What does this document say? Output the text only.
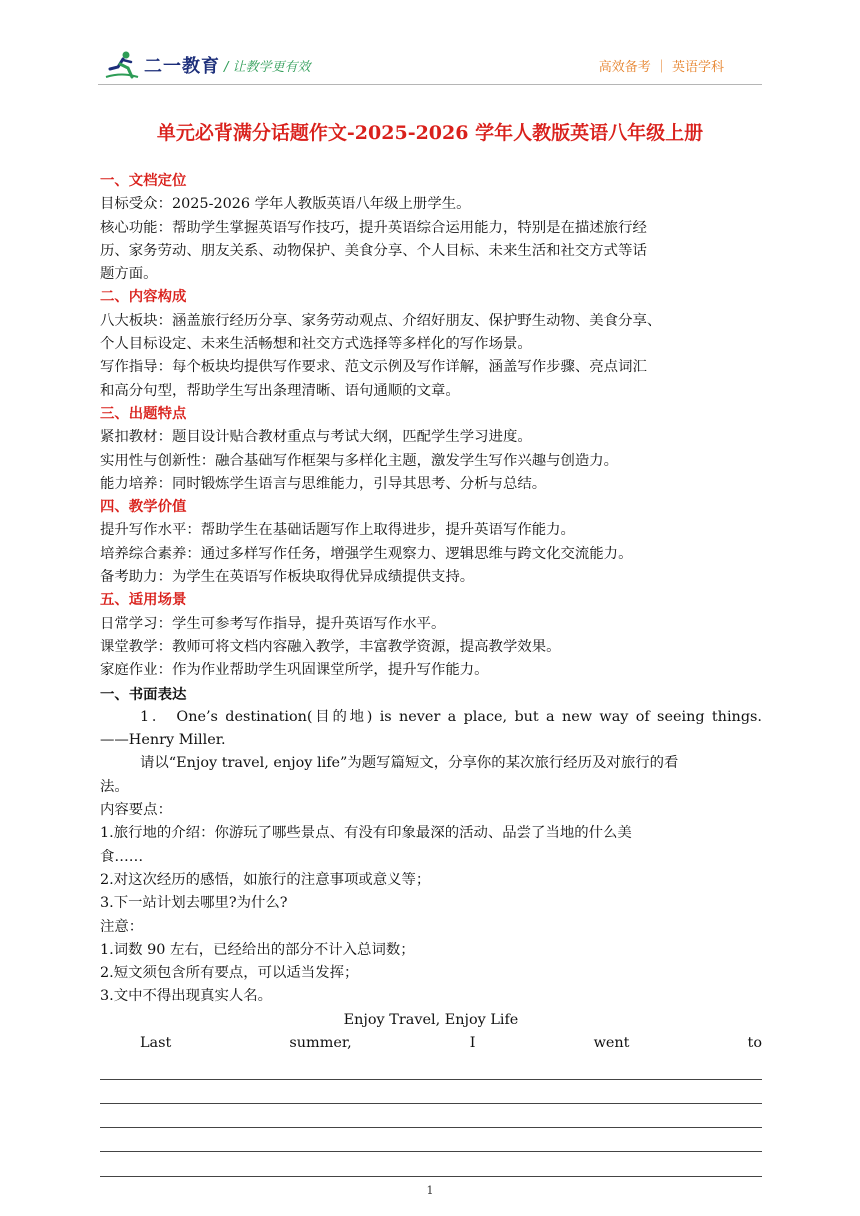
二一教育 / 让教学更有效	高效备考 ｜ 英语学科
单元必背满分话题作文-2025-2026 学年人教版英语八年级上册
一、文档定位
目标受众：2025-2026 学年人教版英语八年级上册学生。
核心功能：帮助学生掌握英语写作技巧，提升英语综合运用能力，特别是在描述旅行经
历、家务劳动、朋友关系、动物保护、美食分享、个人目标、未来生活和社交方式等话
题方面。
二、内容构成
八大板块：涵盖旅行经历分享、家务劳动观点、介绍好朋友、保护野生动物、美食分享、
个人目标设定、未来生活畅想和社交方式选择等多样化的写作场景。
写作指导：每个板块均提供写作要求、范文示例及写作详解，涵盖写作步骤、亮点词汇
和高分句型，帮助学生写出条理清晰、语句通顺的文章。
三、出题特点
紧扣教材：题目设计贴合教材重点与考试大纲，匹配学生学习进度。
实用性与创新性：融合基础写作框架与多样化主题，激发学生写作兴趣与创造力。
能力培养：同时锻炼学生语言与思维能力，引导其思考、分析与总结。
四、教学价值
提升写作水平：帮助学生在基础话题写作上取得进步，提升英语写作能力。
培养综合素养：通过多样写作任务，增强学生观察力、逻辑思维与跨文化交流能力。
备考助力：为学生在英语写作板块取得优异成绩提供支持。
五、适用场景
日常学习：学生可参考写作指导，提升英语写作水平。
课堂教学：教师可将文档内容融入教学，丰富教学资源，提高教学效果。
家庭作业：作为作业帮助学生巩固课堂所学，提升写作能力。
一、书面表达
1． One’s destination(目的地) is never a place, but a new way of seeing things.
——Henry Miller.
请以“Enjoy travel, enjoy life”为题写篇短文，分享你的某次旅行经历及对旅行的看
法。
内容要点：
1.旅行地的介绍：你游玩了哪些景点、有没有印象最深的活动、品尝了当地的什么美
食……
2.对这次经历的感悟，如旅行的注意事项或意义等；
3.下一站计划去哪里?为什么?
注意：
1.词数 90 左右，已经给出的部分不计入总词数；
2.短文须包含所有要点，可以适当发挥；
3.文中不得出现真实人名。
Enjoy Travel, Enjoy Life
Last summer, I went to
1
